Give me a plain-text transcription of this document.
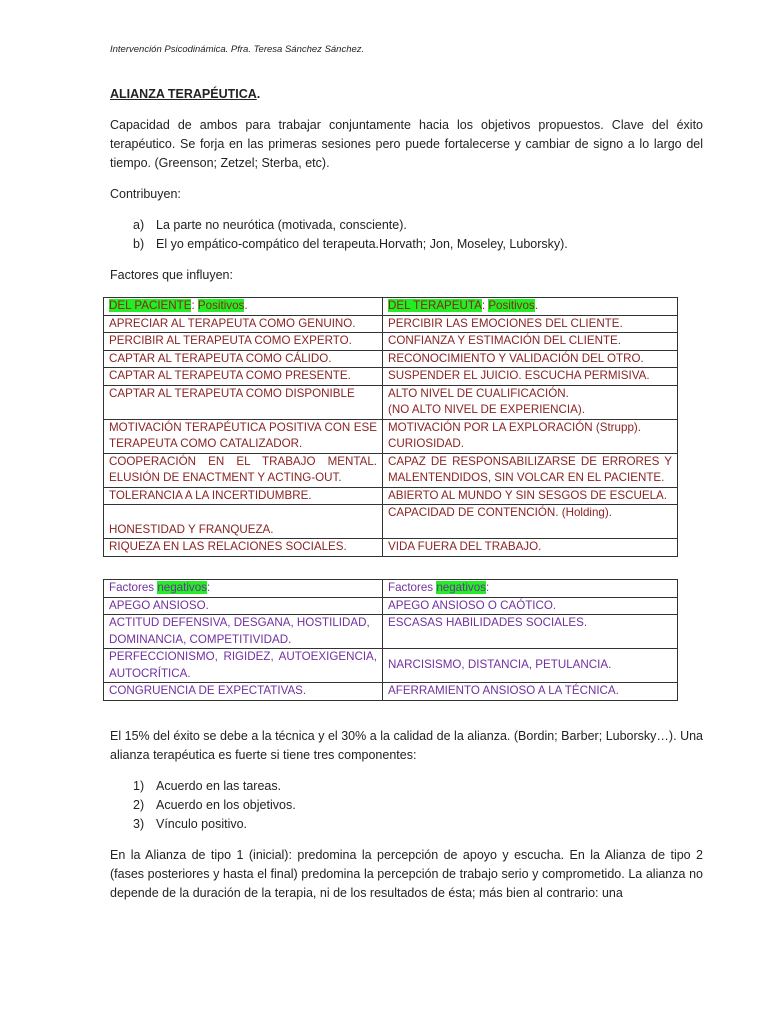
Intervención Psicodinámica. Pfra. Teresa Sánchez Sánchez.
ALIANZA TERAPÉUTICA.
Capacidad de ambos para trabajar conjuntamente hacia los objetivos propuestos. Clave del éxito terapéutico. Se forja en las primeras sesiones pero puede fortalecerse y cambiar de signo a lo largo del tiempo. (Greenson; Zetzel; Sterba, etc).
Contribuyen:
a) La parte no neurótica (motivada, consciente).
b) El yo empático-compático del terapeuta.Horvath; Jon, Moseley, Luborsky).
Factores que influyen:
DEL PACIENTE: Positivos.	DEL TERAPEUTA: Positivos.
APRECIAR AL TERAPEUTA COMO GENUINO.	PERCIBIR LAS EMOCIONES DEL CLIENTE.
PERCIBIR AL TERAPEUTA COMO EXPERTO.	CONFIANZA Y ESTIMACIÓN DEL CLIENTE.
CAPTAR AL TERAPEUTA COMO CÁLIDO.	RECONOCIMIENTO Y VALIDACIÓN DEL OTRO.
CAPTAR AL TERAPEUTA COMO PRESENTE.	SUSPENDER EL JUICIO. ESCUCHA PERMISIVA.
CAPTAR AL TERAPEUTA COMO DISPONIBLE	ALTO NIVEL DE CUALIFICACIÓN.
(NO ALTO NIVEL DE EXPERIENCIA).
MOTIVACIÓN TERAPÉUTICA POSITIVA CON ESE TERAPEUTA COMO CATALIZADOR.	MOTIVACIÓN POR LA EXPLORACIÓN (Strupp).
CURIOSIDAD.
COOPERACIÓN EN EL TRABAJO MENTAL. ELUSIÓN DE ENACTMENT Y ACTING-OUT.	CAPAZ DE RESPONSABILIZARSE DE ERRORES Y MALENTENDIDOS, SIN VOLCAR EN EL PACIENTE.
TOLERANCIA A LA INCERTIDUMBRE.	ABIERTO AL MUNDO Y SIN SESGOS DE ESCUELA.
HONESTIDAD Y FRANQUEZA.	CAPACIDAD DE CONTENCIÓN. (Holding).
RIQUEZA EN LAS RELACIONES SOCIALES.	VIDA FUERA DEL TRABAJO.
Factores negativos:	Factores negativos:
APEGO ANSIOSO.	APEGO ANSIOSO O CAÓTICO.
ACTITUD DEFENSIVA, DESGANA, HOSTILIDAD, DOMINANCIA, COMPETITIVIDAD.	ESCASAS HABILIDADES SOCIALES.
PERFECCIONISMO, RIGIDEZ, AUTOEXIGENCIA, AUTOCRÍTICA.	NARCISISMO, DISTANCIA, PETULANCIA.
CONGRUENCIA DE EXPECTATIVAS.	AFERRAMIENTO ANSIOSO A LA TÉCNICA.
El 15% del éxito se debe a la técnica y el 30% a la calidad de la alianza. (Bordin; Barber; Luborsky…). Una alianza terapéutica es fuerte si tiene tres componentes:
1) Acuerdo en las tareas.
2) Acuerdo en los objetivos.
3) Vínculo positivo.
En la Alianza de tipo 1 (inicial): predomina la percepción de apoyo y escucha. En la Alianza de tipo 2 (fases posteriores y hasta el final) predomina la percepción de trabajo serio y comprometido. La alianza no depende de la duración de la terapia, ni de los resultados de ésta; más bien al contrario: una
